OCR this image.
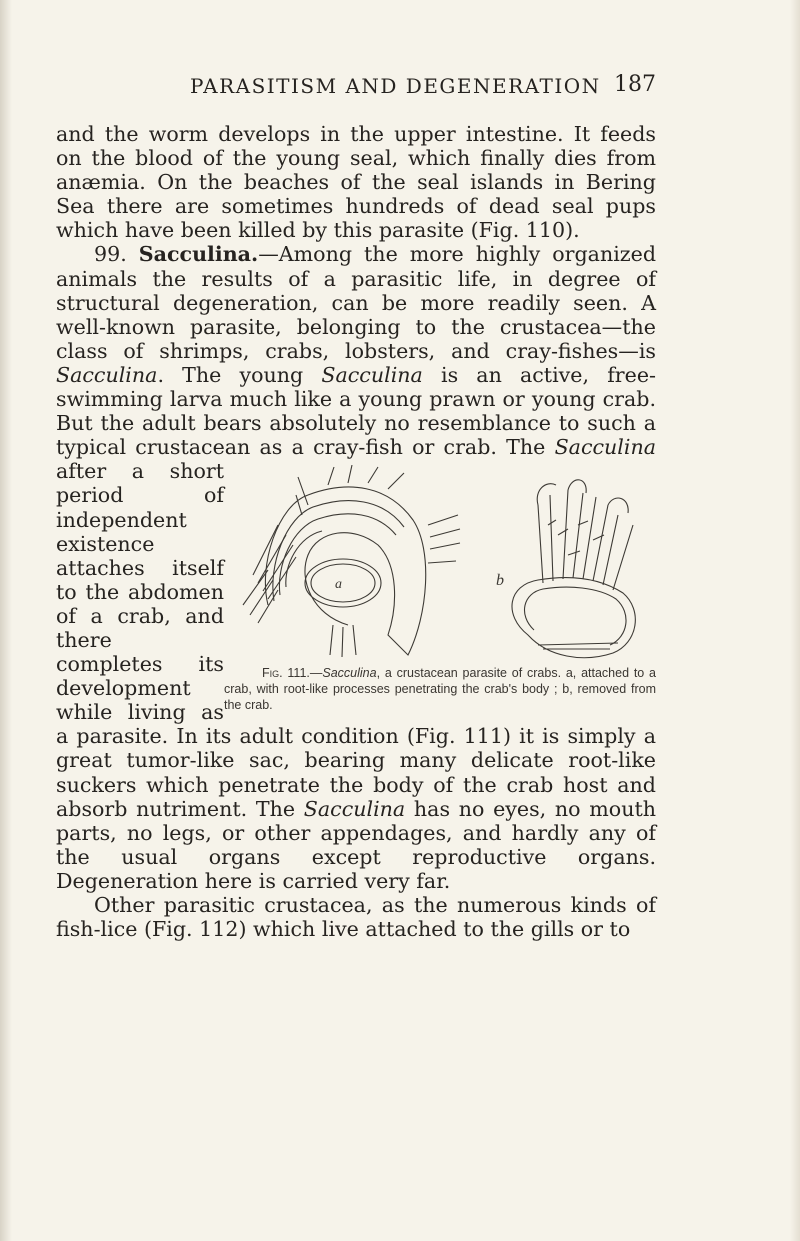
PARASITISM AND DEGENERATION 187

and the worm develops in the upper intestine. It feeds on the blood of the young seal, which finally dies from anæmia. On the beaches of the seal islands in Bering Sea there are sometimes hundreds of dead seal pups which have been killed by this parasite (Fig. 110).

99. Sacculina.—Among the more highly organized animals the results of a parasitic life, in degree of structural degeneration, can be more readily seen. A well-known parasite, belonging to the crustacea—the class of shrimps, crabs, lobsters, and cray-fishes—is Sacculina. The young Sacculina is an active, free-swimming larva much like a young prawn or young crab. But the adult bears absolutely no resemblance to such a typical crustacean as a cray-fish or crab. The Sacculina
a	b
Fig. 111.—Sacculina, a crustacean parasite of crabs. a, attached to a crab, with root-like processes penetrating the crab's body ; b, removed from the crab.
after a short period of independent existence attaches itself to the abdomen of a crab, and there completes its development while living as a parasite. In its adult condition (Fig. 111) it is simply a great tumor-like sac, bearing many delicate root-like suckers which penetrate the body of the crab host and absorb nutriment. The Sacculina has no eyes, no mouth parts, no legs, or other appendages, and hardly any of the usual organs except reproductive organs. Degeneration here is carried very far.

Other parasitic crustacea, as the numerous kinds of fish-lice (Fig. 112) which live attached to the gills or to
